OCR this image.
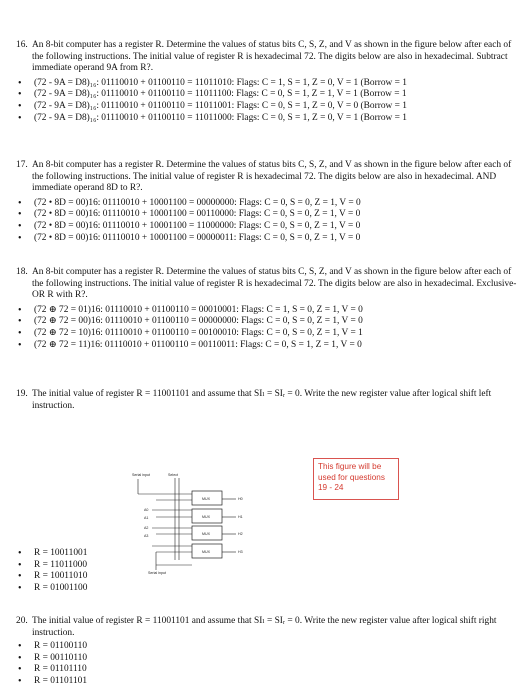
16. An 8-bit computer has a register R. Determine the values of status bits C, S, Z, and V as shown in the figure below after each of the following instructions. The initial value of register R is hexadecimal 72. The digits below are also in hexadecimal. Subtract immediate operand 9A from R?.
• (72 - 9A = D8)₁₆: 01110010 + 01100110 = 11011010: Flags: C = 1, S = 1, Z = 0, V = 1 (Borrow = 1
• (72 - 9A = D8)₁₆: 01110010 + 01100110 = 11011100: Flags: C = 0, S = 1, Z = 1, V = 1 (Borrow = 1
• (72 - 9A = D8)₁₆: 01110010 + 01100110 = 11011001: Flags: C = 0, S = 1, Z = 0, V = 0 (Borrow = 1
• (72 - 9A = D8)₁₆: 01110010 + 01100110 = 11011000: Flags: C = 0, S = 1, Z = 0, V = 1 (Borrow = 1
17. An 8-bit computer has a register R. Determine the values of status bits C, S, Z, and V as shown in the figure below after each of the following instructions. The initial value of register R is hexadecimal 72. The digits below are also in hexadecimal. AND immediate operand 8D to R?.
• (72 • 8D = 00)16: 01110010 + 10001100 = 00000000: Flags: C = 0, S = 0, Z = 1, V = 0
• (72 • 8D = 00)16: 01110010 + 10001100 = 00110000: Flags: C = 0, S = 0, Z = 1, V = 0
• (72 • 8D = 00)16: 01110010 + 10001100 = 11000000: Flags: C = 0, S = 0, Z = 1, V = 0
• (72 • 8D = 00)16: 01110010 + 10001100 = 00000011: Flags: C = 0, S = 0, Z = 1, V = 0
18. An 8-bit computer has a register R. Determine the values of status bits C, S, Z, and V as shown in the figure below after each of the following instructions. The initial value of register R is hexadecimal 72. The digits below are also in hexadecimal. Exclusive-OR R with R?.
• (72 ⊕ 72 = 01)16: 01110010 + 01100110 = 00010001: Flags: C = 1, S = 0, Z = 1, V = 0
• (72 ⊕ 72 = 00)16: 01110010 + 01100110 = 00000000: Flags: C = 0, S = 0, Z = 1, V = 0
• (72 ⊕ 72 = 10)16: 01110010 + 01100110 = 00100010: Flags: C = 0, S = 0, Z = 1, V = 1
• (72 ⊕ 72 = 11)16: 01110010 + 01100110 = 00110011: Flags: C = 0, S = 1, Z = 1, V = 0
19. The initial value of register R = 11001101 and assume that SIₗ = SIᵣ = 0. Write the new register value after logical shift left instruction.
Serial input	Select
Serial input
MUX
MUX
MUX
MUX
A0
A1
A2
A3
H0
H1
H2
H3
This figure will be used for questions 19 - 24
• R = 10011001
• R = 11011000
• R = 10011010
• R = 01001100
20. The initial value of register R = 11001101 and assume that SIₗ = SIᵣ = 0. Write the new register value after logical shift right instruction.
• R = 01100110
• R = 00110110
• R = 01101110
• R = 01101101
